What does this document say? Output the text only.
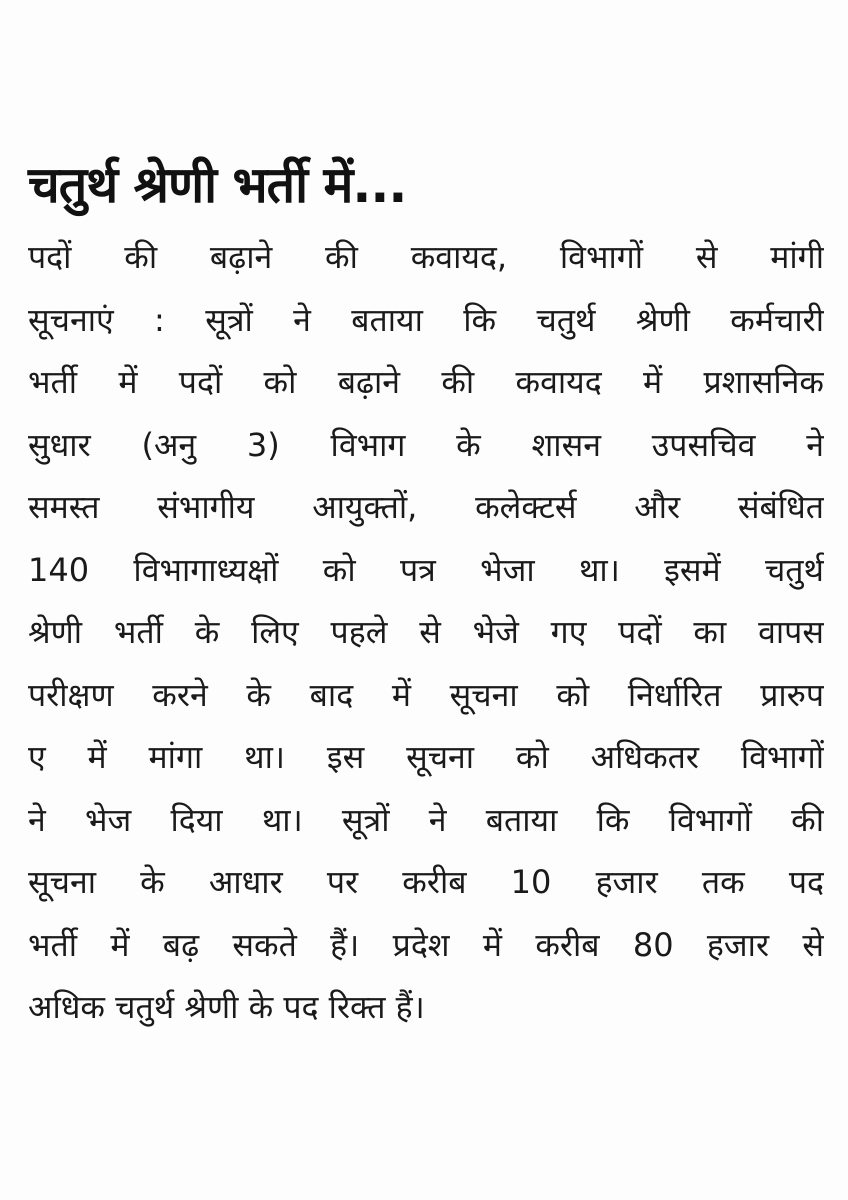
चतुर्थ श्रेणी भर्ती में...
पदों की बढ़ाने की कवायद, विभागों से मांगी
सूचनाएं : सूत्रों ने बताया कि चतुर्थ श्रेणी कर्मचारी
भर्ती में पदों को बढ़ाने की कवायद में प्रशासनिक
सुधार (अनु 3) विभाग के शासन उपसचिव ने
समस्त संभागीय आयुक्तों, कलेक्टर्स और संबंधित
140 विभागाध्यक्षों को पत्र भेजा था। इसमें चतुर्थ
श्रेणी भर्ती के लिए पहले से भेजे गए पदों का वापस
परीक्षण करने के बाद में सूचना को निर्धारित प्रारुप
ए में मांगा था। इस सूचना को अधिकतर विभागों
ने भेज दिया था। सूत्रों ने बताया कि विभागों की
सूचना के आधार पर करीब 10 हजार तक पद
भर्ती में बढ़ सकते हैं। प्रदेश में करीब 80 हजार से
अधिक चतुर्थ श्रेणी के पद रिक्त हैं।
